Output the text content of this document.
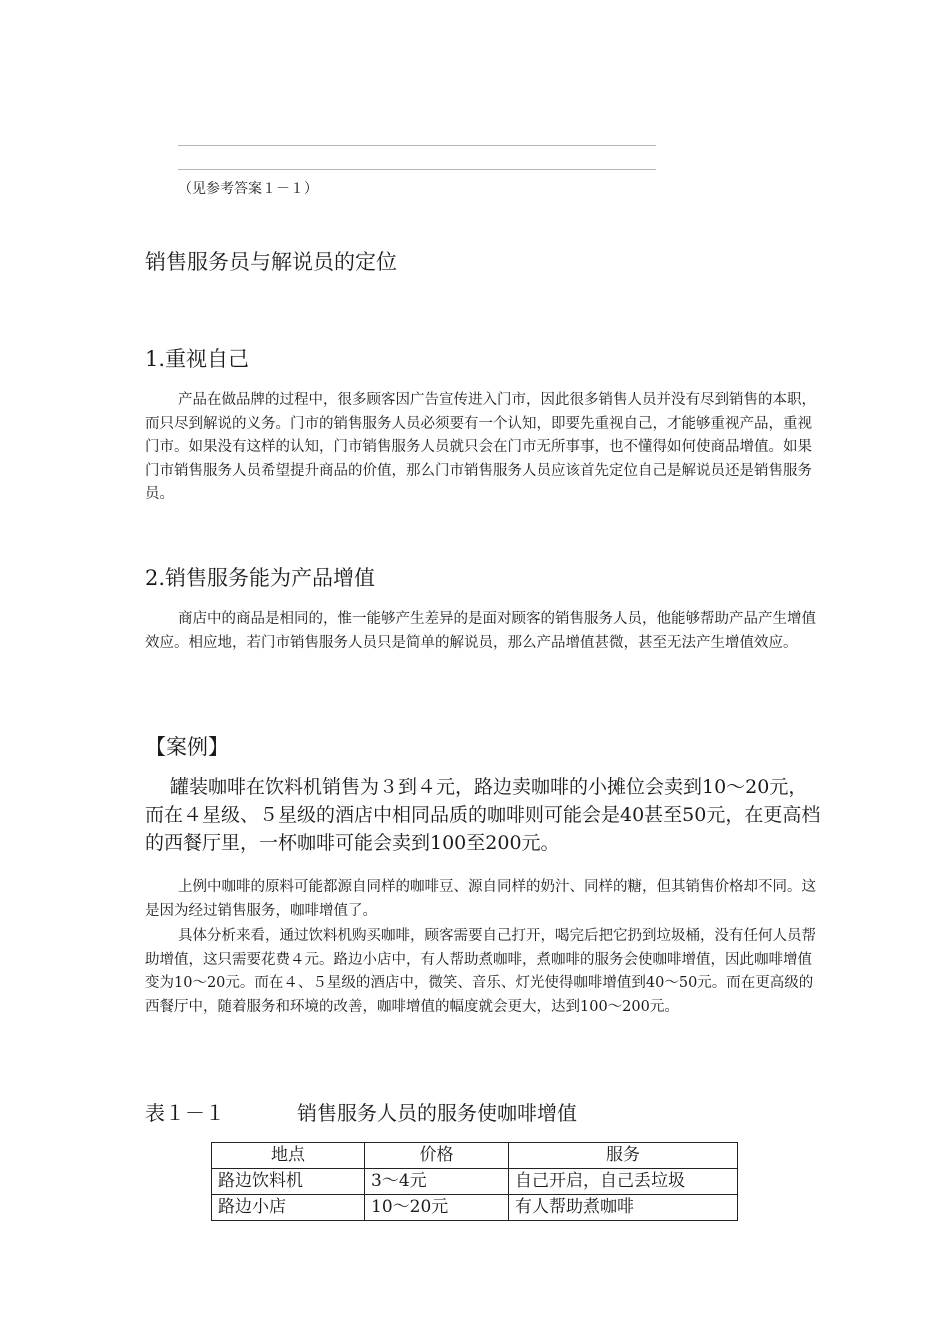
（见参考答案１－１）
销售服务员与解说员的定位
1.重视自己
产品在做品牌的过程中，很多顾客因广告宣传进入门市，因此很多销售人员并没有尽到销售的本职，而只尽到解说的义务。门市的销售服务人员必须要有一个认知，即要先重视自己，才能够重视产品，重视门市。如果没有这样的认知，门市销售服务人员就只会在门市无所事事，也不懂得如何使商品增值。如果门市销售服务人员希望提升商品的价值，那么门市销售服务人员应该首先定位自己是解说员还是销售服务员。
2.销售服务能为产品增值
商店中的商品是相同的，惟一能够产生差异的是面对顾客的销售服务人员，他能够帮助产品产生增值效应。相应地，若门市销售服务人员只是简单的解说员，那么产品增值甚微，甚至无法产生增值效应。
【案例】
罐装咖啡在饮料机销售为３到４元，路边卖咖啡的小摊位会卖到10～20元，而在４星级、５星级的酒店中相同品质的咖啡则可能会是40甚至50元，在更高档的西餐厅里，一杯咖啡可能会卖到100至200元。
上例中咖啡的原料可能都源自同样的咖啡豆、源自同样的奶汁、同样的糖，但其销售价格却不同。这是因为经过销售服务，咖啡增值了。
具体分析来看，通过饮料机购买咖啡，顾客需要自己打开，喝完后把它扔到垃圾桶，没有任何人员帮助增值，这只需要花费４元。路边小店中，有人帮助煮咖啡，煮咖啡的服务会使咖啡增值，因此咖啡增值变为10～20元。而在４、５星级的酒店中，微笑、音乐、灯光使得咖啡增值到40～50元。而在更高级的西餐厅中，随着服务和环境的改善，咖啡增值的幅度就会更大，达到100～200元。
表１－１	销售服务人员的服务使咖啡增值
地点	价格	服务
路边饮料机	3～4元	自己开启，自己丢垃圾
路边小店	10～20元	有人帮助煮咖啡
